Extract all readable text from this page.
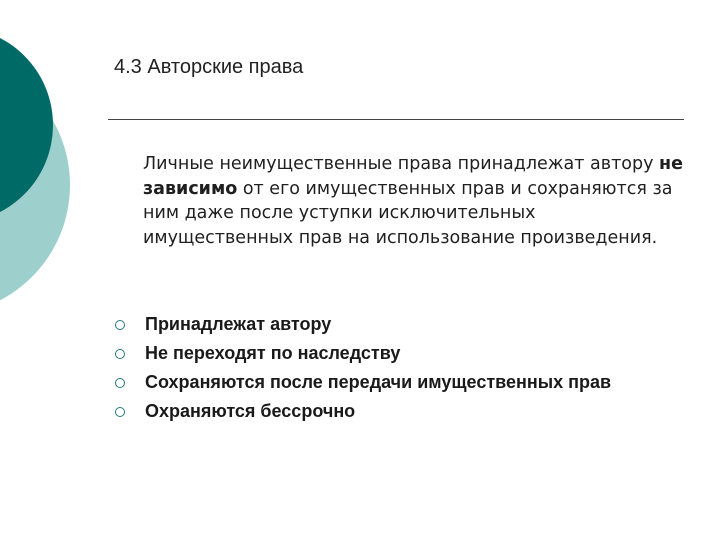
4.3 Авторские права
Личные неимущественные права принадлежат автору не зависимо от его имущественных прав и сохраняются за ним даже после уступки исключительных имущественных прав на использование произведения.
Принадлежат автору
Не переходят по наследству
Сохраняются после передачи имущественных прав
Охраняются бессрочно
